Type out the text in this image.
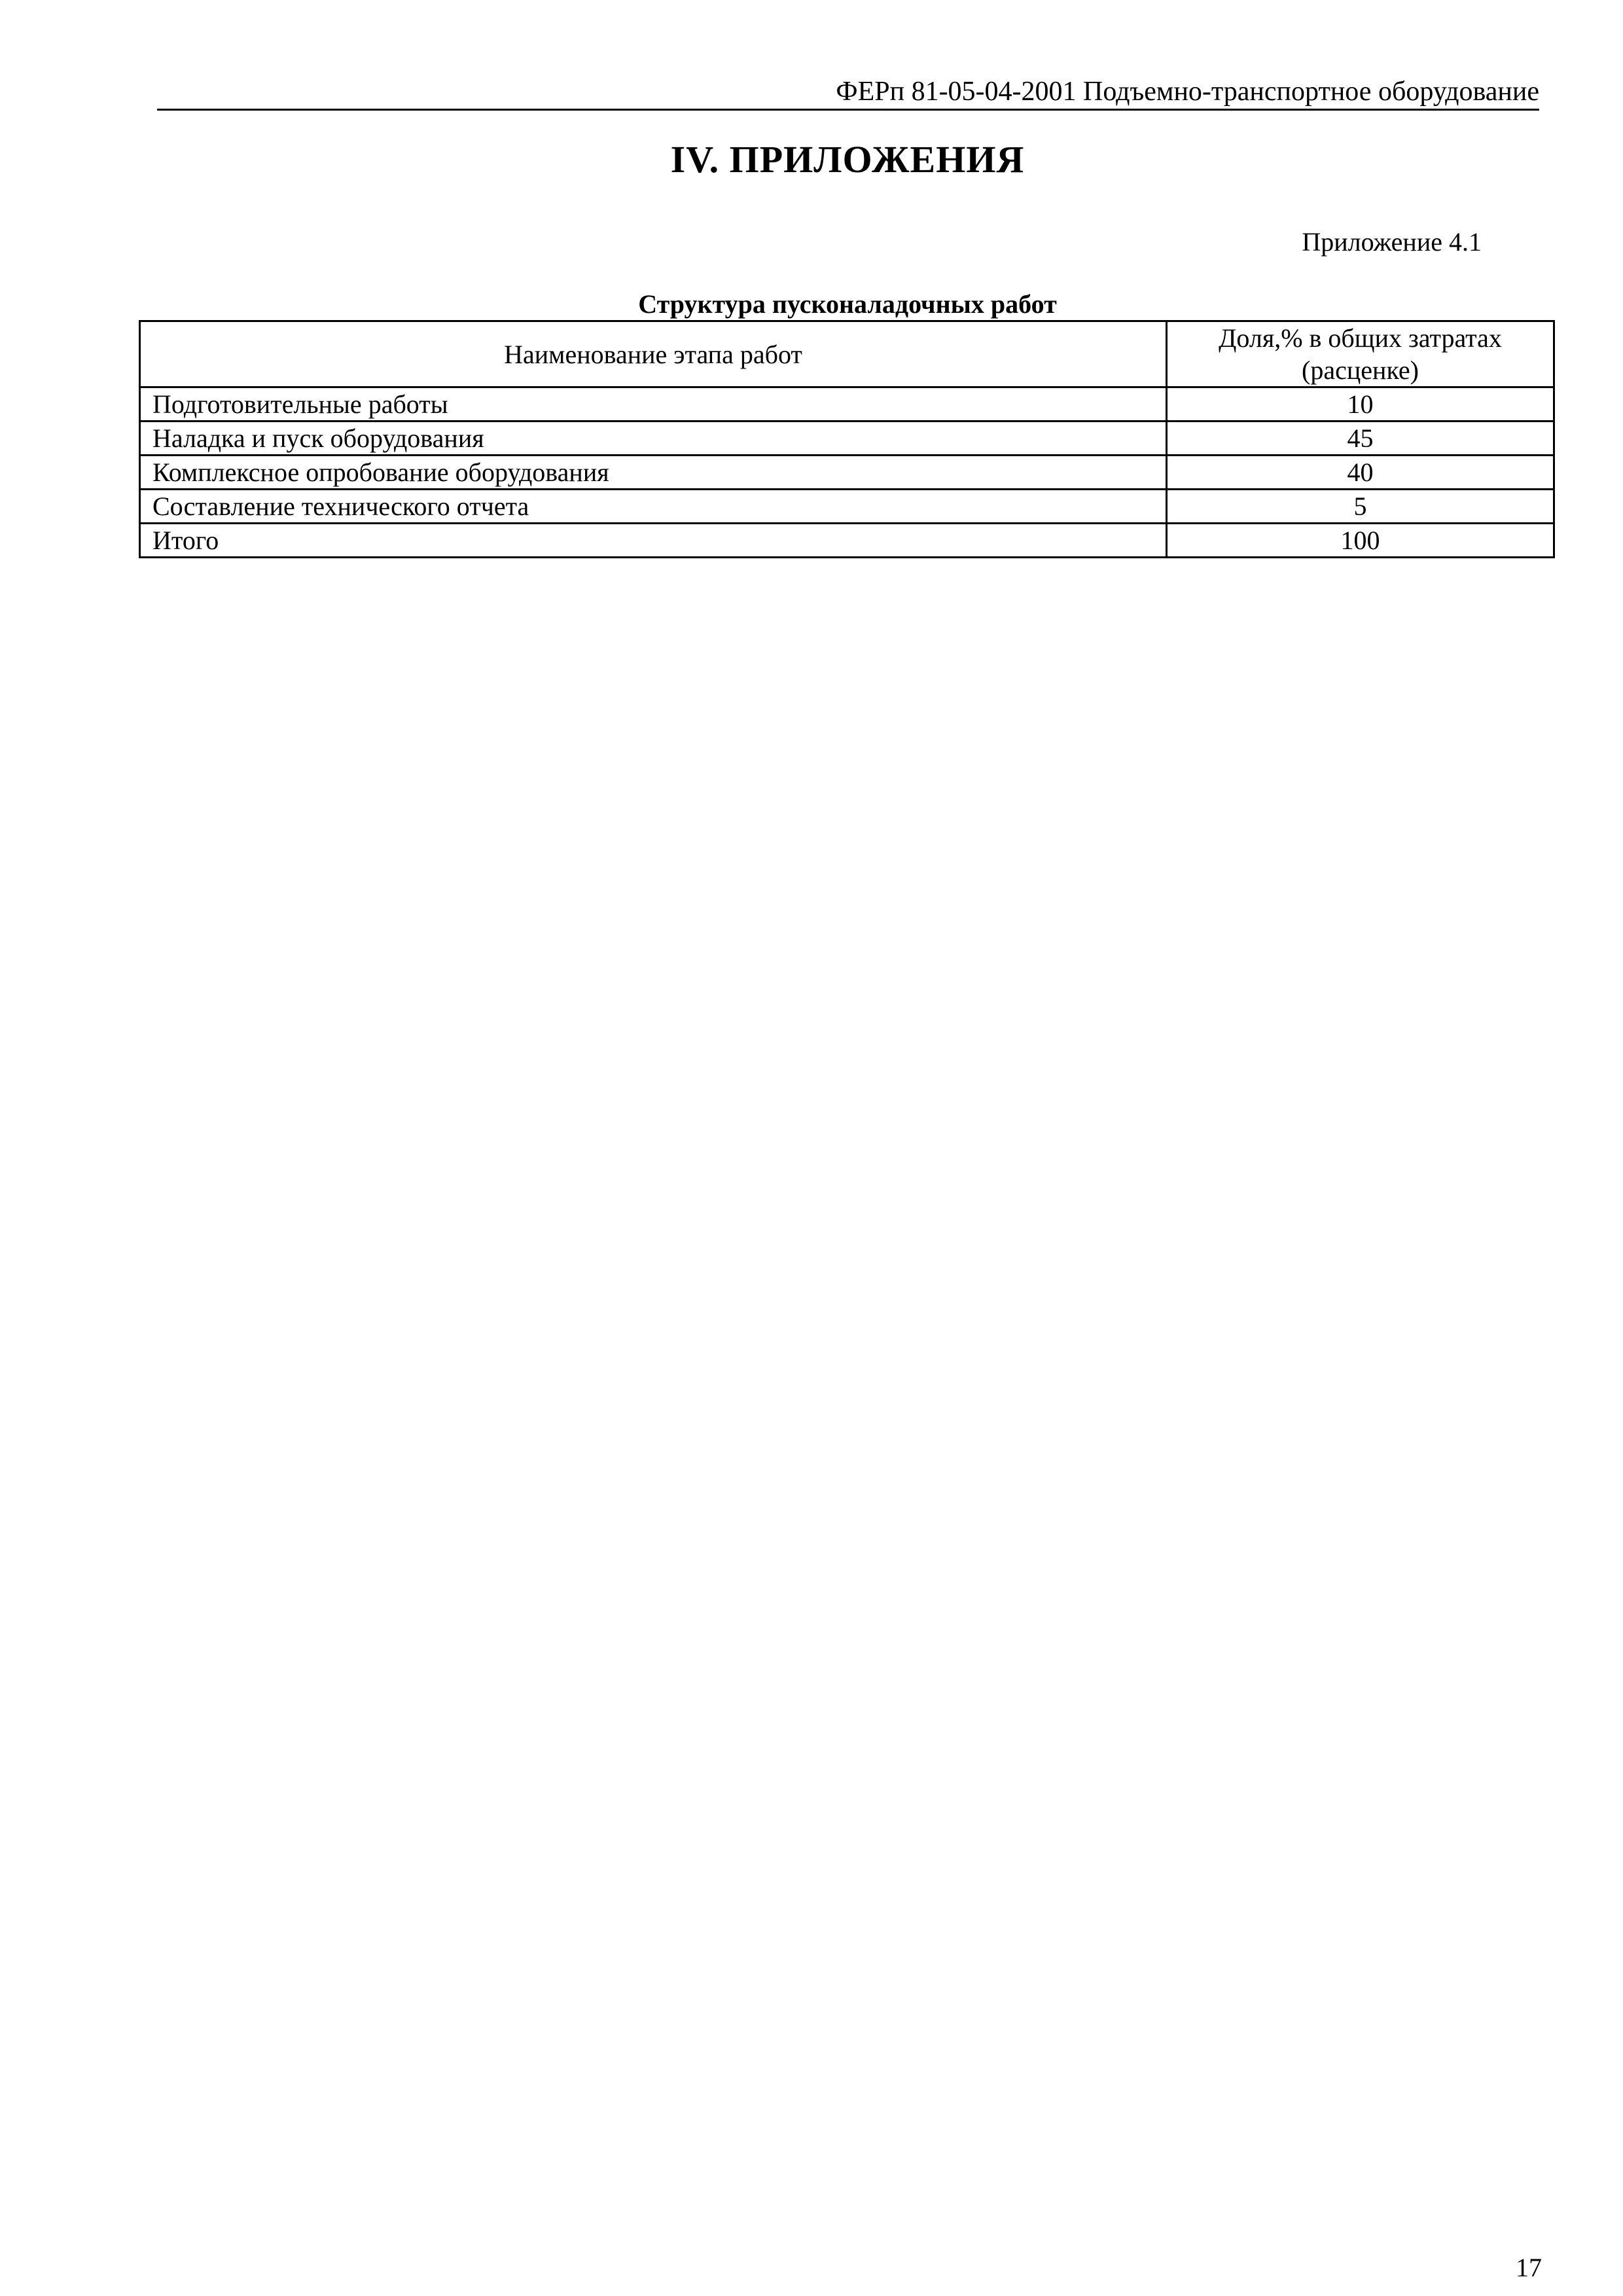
ФЕРп 81-05-04-2001 Подъемно-транспортное оборудование
IV. ПРИЛОЖЕНИЯ
Приложение 4.1
Структура пусконаладочных работ
Наименование этапа работ	Доля,% в общих затратах (расценке)
Подготовительные работы	10
Наладка и пуск оборудования	45
Комплексное опробование оборудования	40
Составление технического отчета	5
Итого	100
17
